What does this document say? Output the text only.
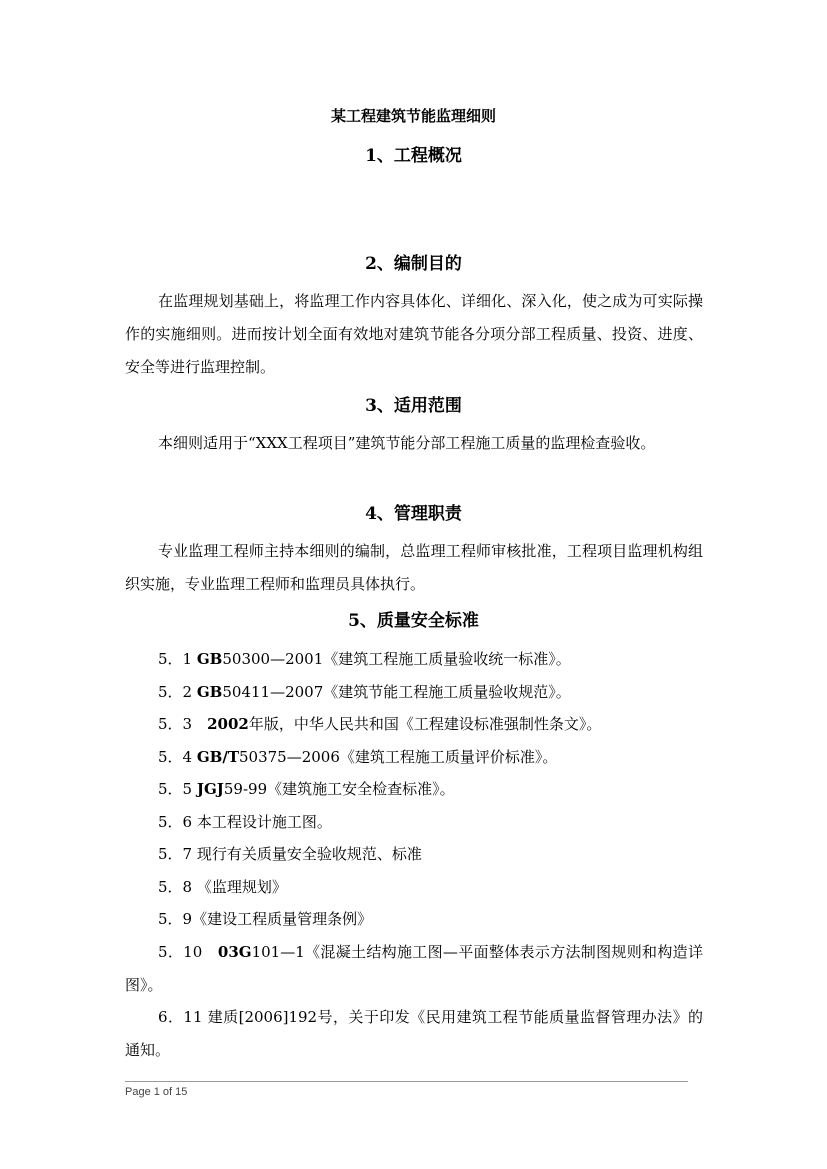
某工程建筑节能监理细则
1、工程概况
2、编制目的
在监理规划基础上，将监理工作内容具体化、详细化、深入化，使之成为可实际操作的实施细则。进而按计划全面有效地对建筑节能各分项分部工程质量、投资、进度、安全等进行监理控制。
3、适用范围
本细则适用于“XXX工程项目”建筑节能分部工程施工质量的监理检查验收。
4、管理职责
专业监理工程师主持本细则的编制，总监理工程师审核批准，工程项目监理机构组织实施，专业监理工程师和监理员具体执行。
5、质量安全标准
5．1 GB50300—2001《建筑工程施工质量验收统一标准》。
5．2 GB50411—2007《建筑节能工程施工质量验收规范》。
5．3　2002年版，中华人民共和国《工程建设标准强制性条文》。
5．4 GB/T50375—2006《建筑工程施工质量评价标准》。
5．5 JGJ59-99《建筑施工安全检查标准》。
5．6 本工程设计施工图。
5．7 现行有关质量安全验收规范、标准
5．8 《监理规划》
5．9《建设工程质量管理条例》
5．10　03G101—1《混凝土结构施工图—平面整体表示方法制图规则和构造详图》。
6．11 建质[2006]192号，关于印发《民用建筑工程节能质量监督管理办法》的通知。
Page 1 of 15
